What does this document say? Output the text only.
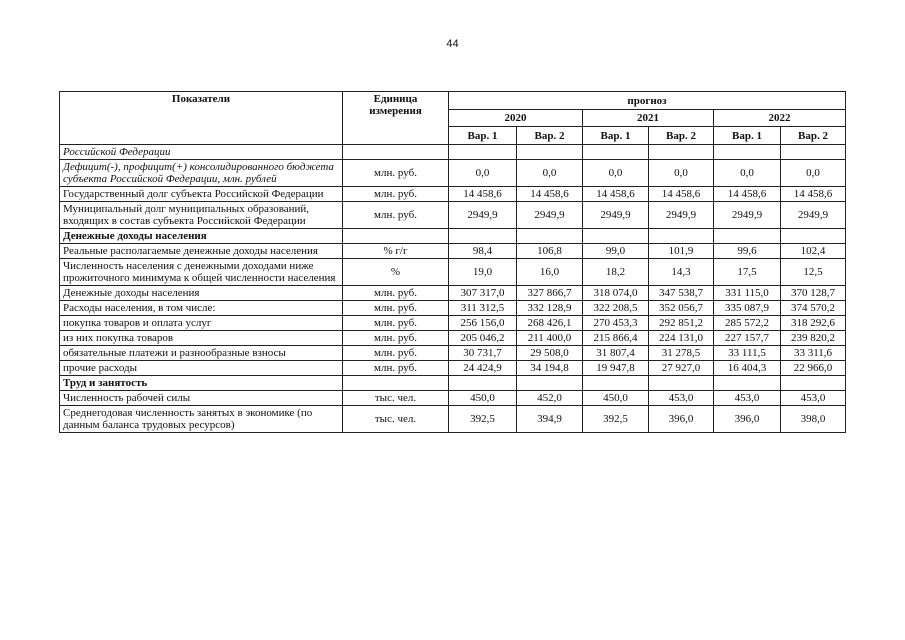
44
Показатели	Единица измерения	прогноз					
		2020		2021		2022	
		Вар. 1	Вар. 2	Вар. 1	Вар. 2	Вар. 1	Вар. 2
Российской Федерации							
Дефицит(-), профицит(+) консолидированного бюджета субъекта Российской Федерации, млн. рублей	млн. руб.	0,0	0,0	0,0	0,0	0,0	0,0
Государственный долг субъекта Российской Федерации	млн. руб.	14 458,6	14 458,6	14 458,6	14 458,6	14 458,6	14 458,6
Муниципальный долг муниципальных образований, входящих в состав субъекта Российской Федерации	млн. руб.	2949,9	2949,9	2949,9	2949,9	2949,9	2949,9
Денежные доходы населения							
Реальные располагаемые денежные доходы населения	% г/г	98,4	106,8	99,0	101,9	99,6	102,4
Численность населения с денежными доходами ниже прожиточного минимума к общей численности населения	%	19,0	16,0	18,2	14,3	17,5	12,5
Денежные доходы населения	млн. руб.	307 317,0	327 866,7	318 074,0	347 538,7	331 115,0	370 128,7
Расходы населения, в том числе:	млн. руб.	311 312,5	332 128,9	322 208,5	352 056,7	335 087,9	374 570,2
покупка товаров и оплата услуг	млн. руб.	256 156,0	268 426,1	270 453,3	292 851,2	285 572,2	318 292,6
из них покупка товаров	млн. руб.	205 046,2	211 400,0	215 866,4	224 131,0	227 157,7	239 820,2
обязательные платежи и разнообразные взносы	млн. руб.	30 731,7	29 508,0	31 807,4	31 278,5	33 111,5	33 311,6
прочие расходы	млн. руб.	24 424,9	34 194,8	19 947,8	27 927,0	16 404,3	22 966,0
Труд и занятость							
Численность рабочей силы	тыс. чел.	450,0	452,0	450,0	453,0	453,0	453,0
Среднегодовая численность занятых в экономике (по данным баланса трудовых ресурсов)	тыс. чел.	392,5	394,9	392,5	396,0	396,0	398,0
